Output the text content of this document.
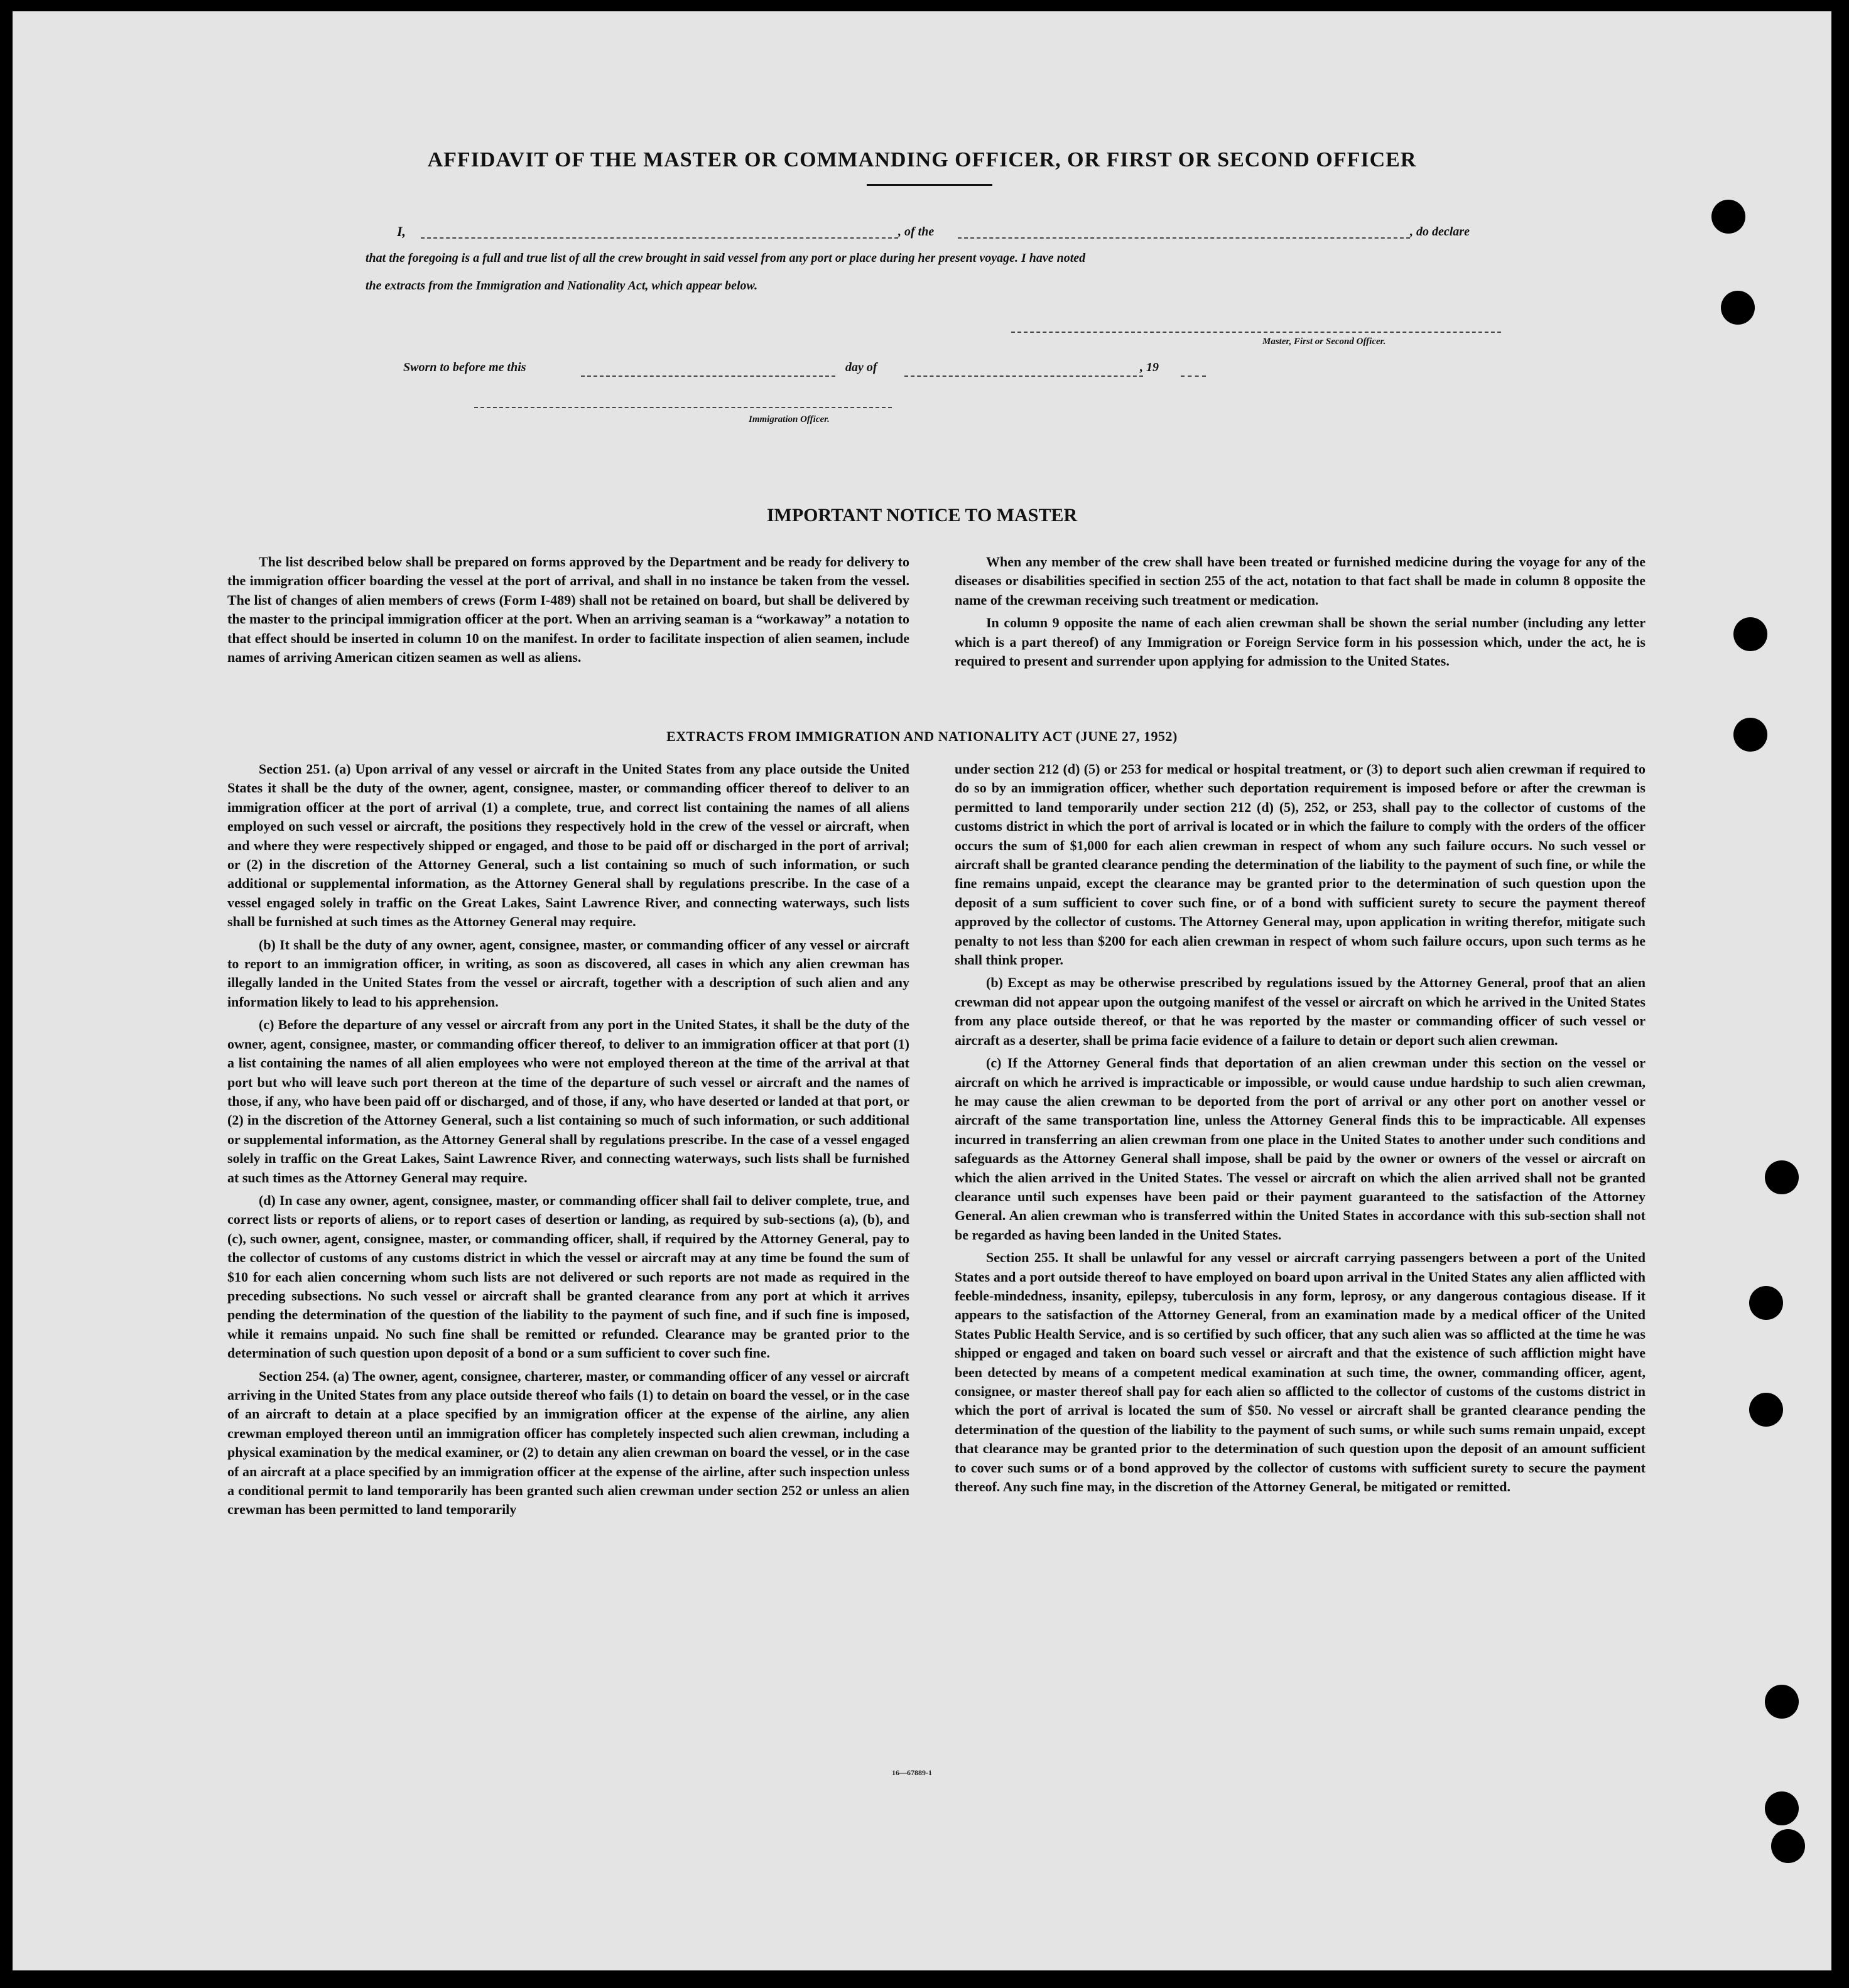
AFFIDAVIT OF THE MASTER OR COMMANDING OFFICER, OR FIRST OR SECOND OFFICER
I,	, of the	, do declare
that the foregoing is a full and true list of all the crew brought in said vessel from any port or place during her present voyage. I have noted
the extracts from the Immigration and Nationality Act, which appear below.
Master, First or Second Officer.
Sworn to before me this	day of	, 19
Immigration Officer.
IMPORTANT NOTICE TO MASTER

The list described below shall be prepared on forms approved by the Department and be ready for delivery to the immigration officer boarding the vessel at the port of arrival, and shall in no instance be taken from the vessel. The list of changes of alien members of crews (Form I-489) shall not be retained on board, but shall be delivered by the master to the principal immigration officer at the port. When an arriving seaman is a “workaway” a notation to that effect should be inserted in column 10 on the manifest. In order to facilitate inspection of alien seamen, include names of arriving American citizen seamen as well as aliens.

When any member of the crew shall have been treated or furnished medicine during the voyage for any of the diseases or disabilities specified in section 255 of the act, notation to that fact shall be made in column 8 opposite the name of the crewman receiving such treatment or medication.

In column 9 opposite the name of each alien crewman shall be shown the serial number (including any letter which is a part thereof) of any Immigration or Foreign Service form in his possession which, under the act, he is required to present and surrender upon applying for admission to the United States.

EXTRACTS FROM IMMIGRATION AND NATIONALITY ACT (JUNE 27, 1952)

Section 251. (a) Upon arrival of any vessel or aircraft in the United States from any place outside the United States it shall be the duty of the owner, agent, consignee, master, or commanding officer thereof to deliver to an immigration officer at the port of arrival (1) a complete, true, and correct list containing the names of all aliens employed on such vessel or aircraft, the positions they respectively hold in the crew of the vessel or aircraft, when and where they were respectively shipped or engaged, and those to be paid off or discharged in the port of arrival; or (2) in the discretion of the Attorney General, such a list containing so much of such information, or such additional or supplemental information, as the Attorney General shall by regulations prescribe. In the case of a vessel engaged solely in traffic on the Great Lakes, Saint Lawrence River, and connecting waterways, such lists shall be furnished at such times as the Attorney General may require.

(b) It shall be the duty of any owner, agent, consignee, master, or commanding officer of any vessel or aircraft to report to an immigration officer, in writing, as soon as discovered, all cases in which any alien crewman has illegally landed in the United States from the vessel or aircraft, together with a description of such alien and any information likely to lead to his apprehension.

(c) Before the departure of any vessel or aircraft from any port in the United States, it shall be the duty of the owner, agent, consignee, master, or commanding officer thereof, to deliver to an immigration officer at that port (1) a list containing the names of all alien employees who were not employed thereon at the time of the arrival at that port but who will leave such port thereon at the time of the departure of such vessel or aircraft and the names of those, if any, who have been paid off or discharged, and of those, if any, who have deserted or landed at that port, or (2) in the discretion of the Attorney General, such a list containing so much of such information, or such additional or supplemental information, as the Attorney General shall by regulations prescribe. In the case of a vessel engaged solely in traffic on the Great Lakes, Saint Lawrence River, and connecting waterways, such lists shall be furnished at such times as the Attorney General may require.

(d) In case any owner, agent, consignee, master, or commanding officer shall fail to deliver complete, true, and correct lists or reports of aliens, or to report cases of desertion or landing, as required by sub-sections (a), (b), and (c), such owner, agent, consignee, master, or commanding officer, shall, if required by the Attorney General, pay to the collector of customs of any customs district in which the vessel or aircraft may at any time be found the sum of $10 for each alien concerning whom such lists are not delivered or such reports are not made as required in the preceding subsections. No such vessel or aircraft shall be granted clearance from any port at which it arrives pending the determination of the question of the liability to the payment of such fine, and if such fine is imposed, while it remains unpaid. No such fine shall be remitted or refunded. Clearance may be granted prior to the determination of such question upon deposit of a bond or a sum sufficient to cover such fine.

Section 254. (a) The owner, agent, consignee, charterer, master, or commanding officer of any vessel or aircraft arriving in the United States from any place outside thereof who fails (1) to detain on board the vessel, or in the case of an aircraft to detain at a place specified by an immigration officer at the expense of the airline, any alien crewman employed thereon until an immigration officer has completely inspected such alien crewman, including a physical examination by the medical examiner, or (2) to detain any alien crewman on board the vessel, or in the case of an aircraft at a place specified by an immigration officer at the expense of the airline, after such inspection unless a conditional permit to land temporarily has been granted such alien crewman under section 252 or unless an alien crewman has been permitted to land temporarily

under section 212 (d) (5) or 253 for medical or hospital treatment, or (3) to deport such alien crewman if required to do so by an immigration officer, whether such deportation requirement is imposed before or after the crewman is permitted to land temporarily under section 212 (d) (5), 252, or 253, shall pay to the collector of customs of the customs district in which the port of arrival is located or in which the failure to comply with the orders of the officer occurs the sum of $1,000 for each alien crewman in respect of whom any such failure occurs. No such vessel or aircraft shall be granted clearance pending the determination of the liability to the payment of such fine, or while the fine remains unpaid, except the clearance may be granted prior to the determination of such question upon the deposit of a sum sufficient to cover such fine, or of a bond with sufficient surety to secure the payment thereof approved by the collector of customs. The Attorney General may, upon application in writing therefor, mitigate such penalty to not less than $200 for each alien crewman in respect of whom such failure occurs, upon such terms as he shall think proper.

(b) Except as may be otherwise prescribed by regulations issued by the Attorney General, proof that an alien crewman did not appear upon the outgoing manifest of the vessel or aircraft on which he arrived in the United States from any place outside thereof, or that he was reported by the master or commanding officer of such vessel or aircraft as a deserter, shall be prima facie evidence of a failure to detain or deport such alien crewman.

(c) If the Attorney General finds that deportation of an alien crewman under this section on the vessel or aircraft on which he arrived is impracticable or impossible, or would cause undue hardship to such alien crewman, he may cause the alien crewman to be deported from the port of arrival or any other port on another vessel or aircraft of the same transportation line, unless the Attorney General finds this to be impracticable. All expenses incurred in transferring an alien crewman from one place in the United States to another under such conditions and safeguards as the Attorney General shall impose, shall be paid by the owner or owners of the vessel or aircraft on which the alien arrived in the United States. The vessel or aircraft on which the alien arrived shall not be granted clearance until such expenses have been paid or their payment guaranteed to the satisfaction of the Attorney General. An alien crewman who is transferred within the United States in accordance with this sub-section shall not be regarded as having been landed in the United States.

Section 255. It shall be unlawful for any vessel or aircraft carrying passengers between a port of the United States and a port outside thereof to have employed on board upon arrival in the United States any alien afflicted with feeble-mindedness, insanity, epilepsy, tuberculosis in any form, leprosy, or any dangerous contagious disease. If it appears to the satisfaction of the Attorney General, from an examination made by a medical officer of the United States Public Health Service, and is so certified by such officer, that any such alien was so afflicted at the time he was shipped or engaged and taken on board such vessel or aircraft and that the existence of such affliction might have been detected by means of a competent medical examination at such time, the owner, commanding officer, agent, consignee, or master thereof shall pay for each alien so afflicted to the collector of customs of the customs district in which the port of arrival is located the sum of $50. No vessel or aircraft shall be granted clearance pending the determination of the question of the liability to the payment of such sums, or while such sums remain unpaid, except that clearance may be granted prior to the determination of such question upon the deposit of an amount sufficient to cover such sums or of a bond approved by the collector of customs with sufficient surety to secure the payment thereof. Any such fine may, in the discretion of the Attorney General, be mitigated or remitted.

16—67889-1
